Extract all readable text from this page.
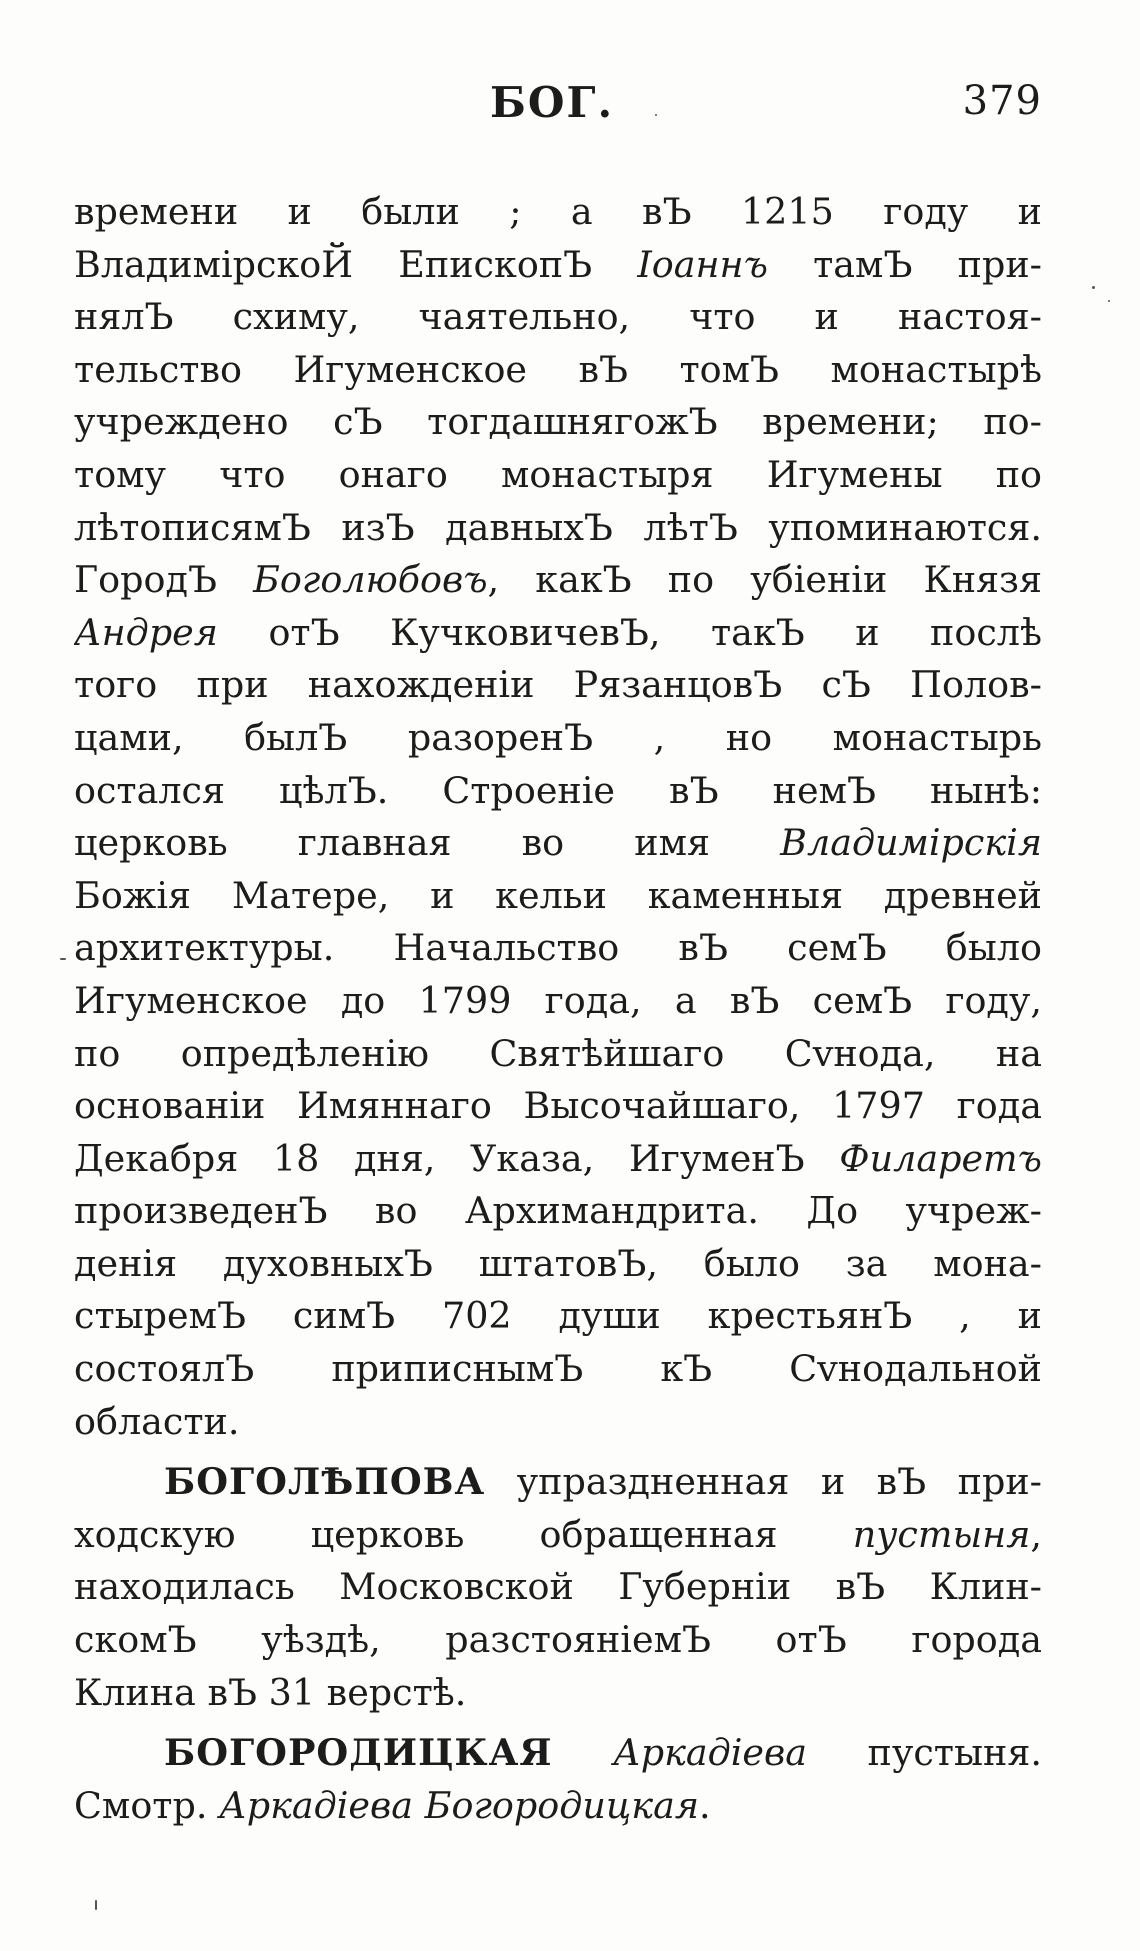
БОГ.	379
времени и были ; а вЪ 1215 году и
ВладимiрскоЙ ЕпископЪ Iоаннъ тамЪ при-
нялЪ схиму, чаятельно, что и настоя-
тельство Игуменское вЪ томЪ монастырѣ
учреждено сЪ тогдашнягожЪ времени; по-
тому что онаго монастыря Игумены по
лѣтописямЪ изЪ давныхЪ лѣтЪ упоминаются.
ГородЪ Боголюбовъ, какЪ по убiенiи Князя
Андрея отЪ КучковичевЪ, такЪ и послѣ
того при нахожденiи РязанцовЪ сЪ Полов-
цами, былЪ разоренЪ , но монастырь
остался цѣлЪ. Строенiе вЪ немЪ нынѣ:
церковь главная во имя Владимiрскiя
Божiя Матере, и кельи каменныя древней
архитектуры. Начальство вЪ семЪ было
Игуменское до 1799 года, а вЪ семЪ году,
по опредѣленiю Святѣйшаго Сvнода, на
основанiи Имяннаго Высочайшаго, 1797 года
Декабря 18 дня, Указа, ИгуменЪ Филаретъ
произведенЪ во Архимандрита. До учреж-
денiя духовныхЪ штатовЪ, было за мона-
стыремЪ симЪ 702 души крестьянЪ , и
состоялЪ приписнымЪ кЪ Сvнодальной
области.
БОГОЛѢПОВА упраздненная и вЪ при-
ходскую церковь обращенная пустыня,
находилась Московской Губернiи вЪ Клин-
скомЪ уѣздѣ, разстоянiемЪ отЪ города
Клина вЪ 31 верстѣ.
БОГОРОДИЦКАЯ Аркадiева пустыня.
Смотр. Аркадiева Богородицкая.
